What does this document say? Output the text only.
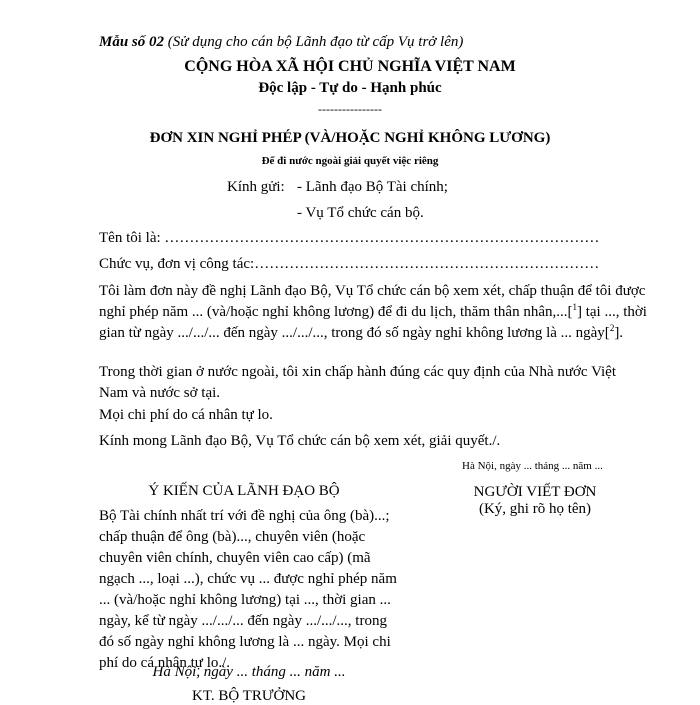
Mẫu số 02 (Sử dụng cho cán bộ Lãnh đạo từ cấp Vụ trở lên)
CỘNG HÒA XÃ HỘI CHỦ NGHĨA VIỆT NAM
Độc lập - Tự do - Hạnh phúc
----------------
ĐƠN XIN NGHỈ PHÉP (VÀ/HOẶC NGHỈ KHÔNG LƯƠNG)
Để đi nước ngoài giải quyết việc riêng
Kính gửi: - Lãnh đạo Bộ Tài chính;
- Vụ Tổ chức cán bộ.
Tên tôi là: ……………………………………………………………………………
Chức vụ, đơn vị công tác:……………………………………………………………
Tôi làm đơn này đề nghị Lãnh đạo Bộ, Vụ Tổ chức cán bộ xem xét, chấp thuận để tôi được nghỉ phép năm ... (và/hoặc nghỉ không lương) để đi du lịch, thăm thân nhân,...[$^1$] tại ..., thời gian từ ngày .../.../... đến ngày .../.../..., trong đó số ngày nghỉ không lương là ... ngày[$^2$].
Trong thời gian ở nước ngoài, tôi xin chấp hành đúng các quy định của Nhà nước Việt Nam và nước sở tại.
Mọi chi phí do cá nhân tự lo.
Kính mong Lãnh đạo Bộ, Vụ Tổ chức cán bộ xem xét, giải quyết./.
Hà Nội, ngày ... tháng ... năm ...
Ý KIẾN CỦA LÃNH ĐẠO BỘ
Bộ Tài chính nhất trí với đề nghị của ông (bà)...; chấp thuận để ông (bà)..., chuyên viên (hoặc chuyên viên chính, chuyên viên cao cấp) (mã ngạch ..., loại ...), chức vụ ... được nghỉ phép năm ... (và/hoặc nghỉ không lương) tại ..., thời gian ... ngày, kể từ ngày .../.../... đến ngày .../.../..., trong đó số ngày nghỉ không lương là ... ngày. Mọi chi phí do cá nhân tự lo./.
Hà Nội, ngày ... tháng ... năm ...
KT. BỘ TRƯỞNG
NGƯỜI VIẾT ĐƠN
(Ký, ghi rõ họ tên)
